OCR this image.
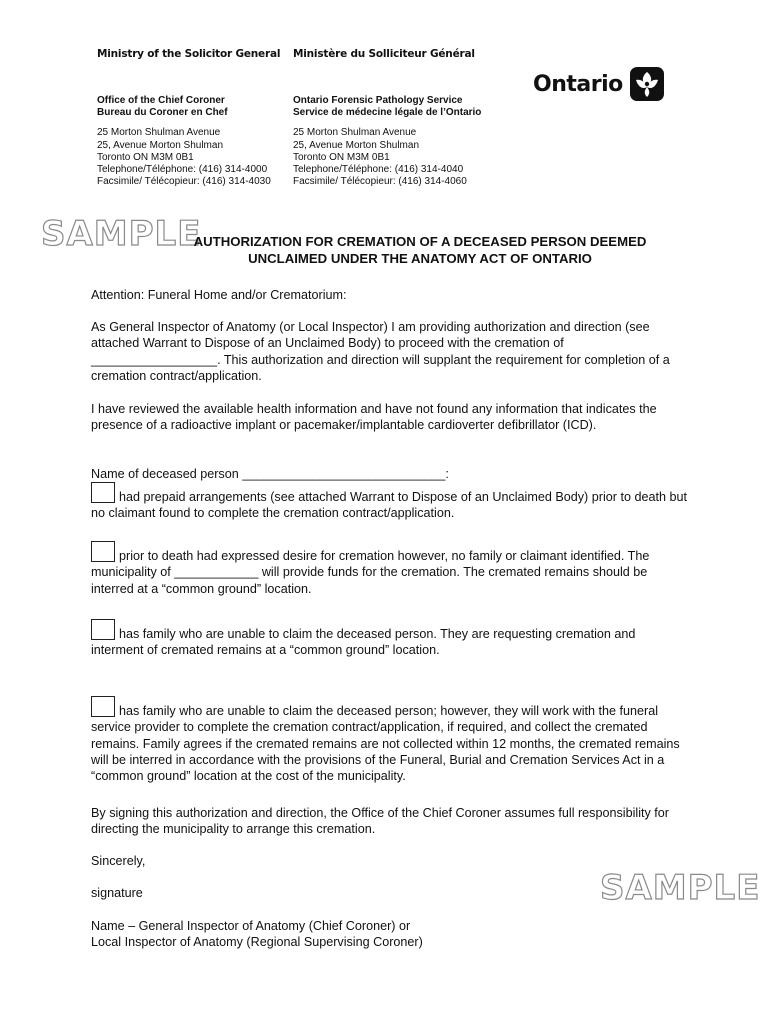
Ministry of the Solicitor General
Office of the Chief Coroner
Bureau du Coroner en Chef
25 Morton Shulman Avenue
25, Avenue Morton Shulman
Toronto ON M3M 0B1
Telephone/Téléphone: (416) 314-4000
Facsimile/ Télécopieur: (416) 314-4030
Ministère du Solliciteur Général
Ontario Forensic Pathology Service
Service de médecine légale de l’Ontario
25 Morton Shulman Avenue
25, Avenue Morton Shulman
Toronto ON M3M 0B1
Telephone/Téléphone: (416) 314-4040
Facsimile/ Télécopieur: (416) 314-4060
Ontario
SAMPLE
SAMPLE
AUTHORIZATION FOR CREMATION OF A DECEASED PERSON DEEMED
UNCLAIMED UNDER THE ANATOMY ACT OF ONTARIO
Attention: Funeral Home and/or Crematorium:

As General Inspector of Anatomy (or Local Inspector) I am providing authorization and direction (see attached Warrant to Dispose of an Unclaimed Body) to proceed with the cremation of __________________. This authorization and direction will supplant the requirement for completion of a cremation contract/application.

I have reviewed the available health information and have not found any information that indicates the presence of a radioactive implant or pacemaker/implantable cardioverter defibrillator (ICD).

Name of deceased person _____________________________:

had prepaid arrangements (see attached Warrant to Dispose of an Unclaimed Body) prior to death but no claimant found to complete the cremation contract/application.

prior to death had expressed desire for cremation however, no family or claimant identified. The municipality of ____________ will provide funds for the cremation. The cremated remains should be interred at a “common ground” location.

has family who are unable to claim the deceased person. They are requesting cremation and interment of cremated remains at a “common ground” location.

has family who are unable to claim the deceased person; however, they will work with the funeral service provider to complete the cremation contract/application, if required, and collect the cremated remains. Family agrees if the cremated remains are not collected within 12 months, the cremated remains will be interred in accordance with the provisions of the Funeral, Burial and Cremation Services Act in a “common ground” location at the cost of the municipality.

By signing this authorization and direction, the Office of the Chief Coroner assumes full responsibility for directing the municipality to arrange this cremation.

Sincerely,
signature
Name – General Inspector of Anatomy (Chief Coroner) or
Local Inspector of Anatomy (Regional Supervising Coroner)
